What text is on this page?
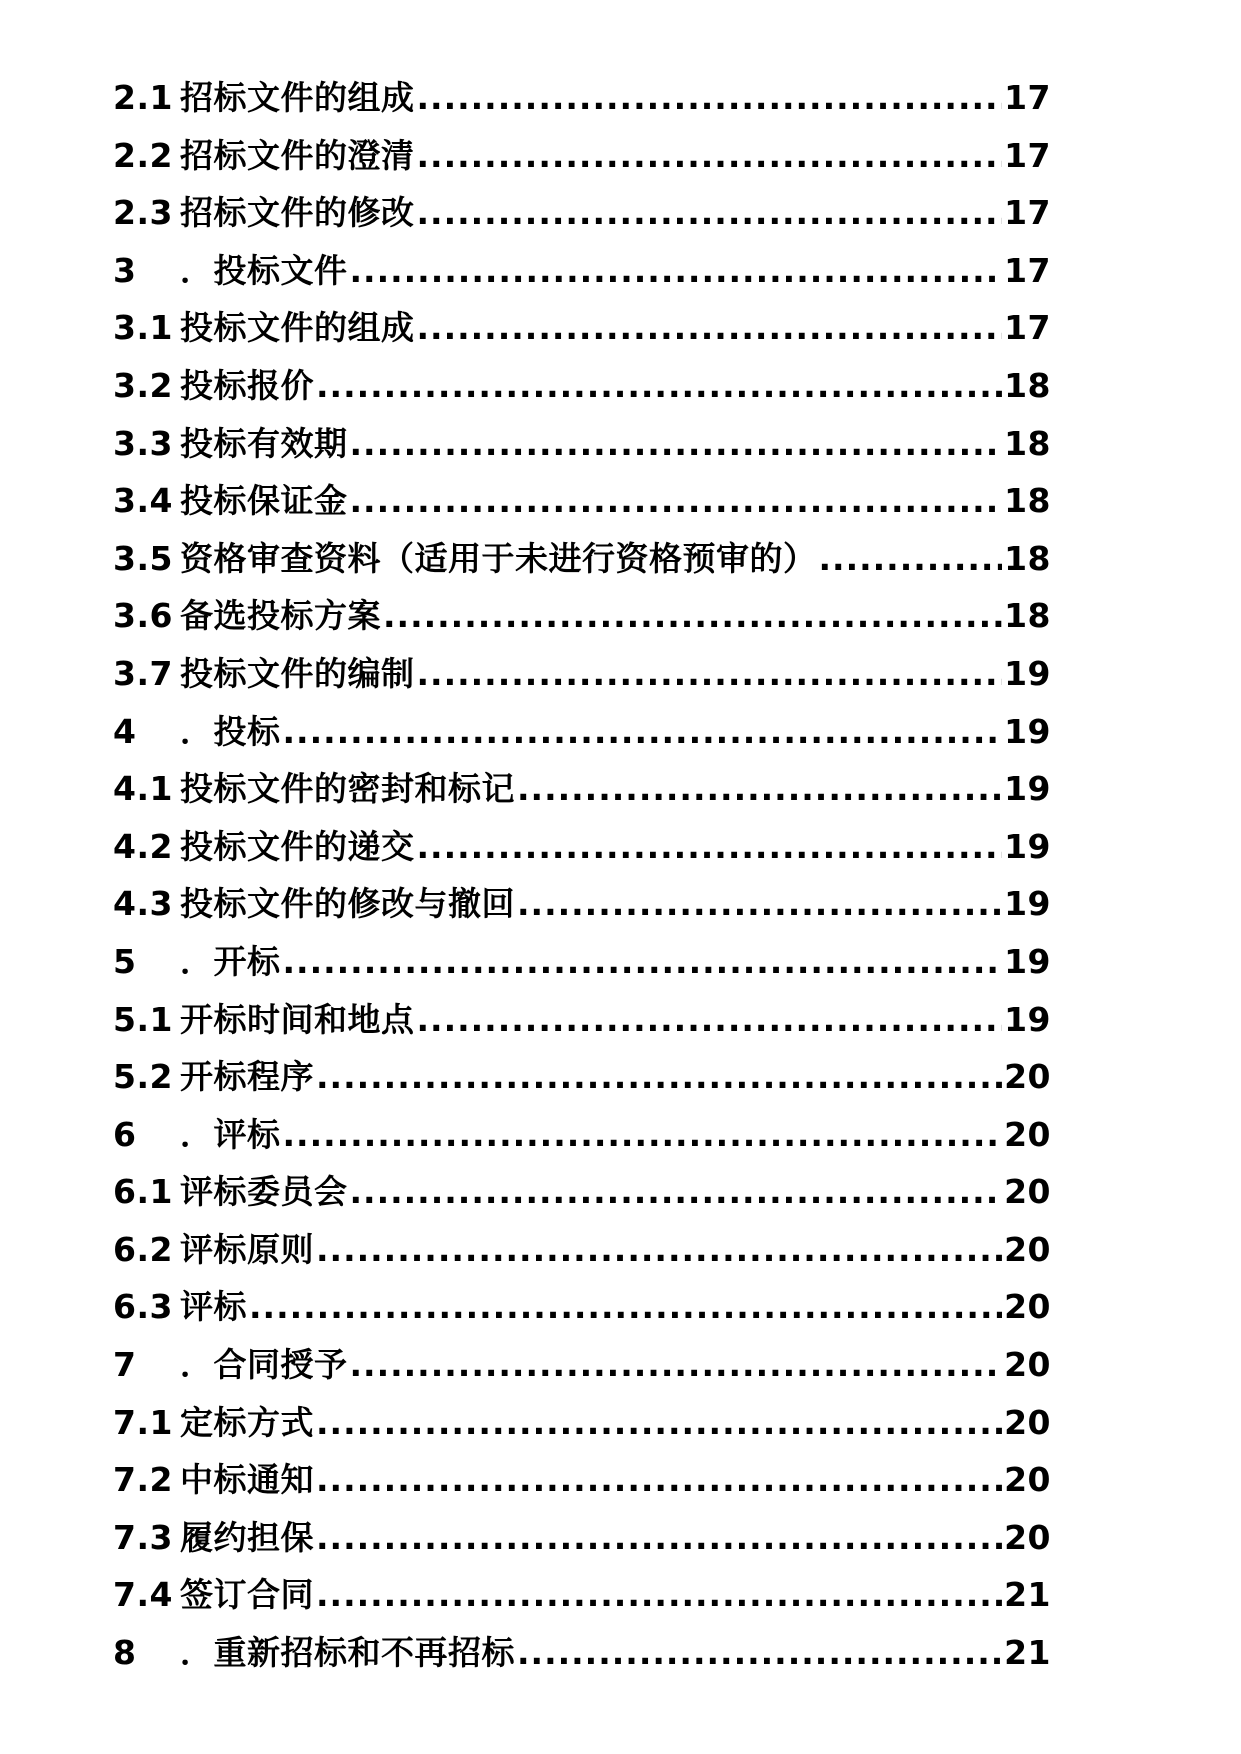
2.1 招标文件的组成 .....	17
2.2 招标文件的澄清 .....	17
2.3 招标文件的修改 .....	17
3	．投标文件 .....	17
3.1 投标文件的组成 .....	17
3.2 投标报价 .....	18
3.3 投标有效期 .....	18
3.4 投标保证金 .....	18
3.5 资格审查资料（适用于未进行资格预审的） .....	18
3.6 备选投标方案 .....	18
3.7 投标文件的编制 .....	19
4	．投标 .....	19
4.1 投标文件的密封和标记 .....	19
4.2 投标文件的递交 .....	19
4.3 投标文件的修改与撤回 .....	19
5	．开标 .....	19
5.1 开标时间和地点 .....	19
5.2 开标程序 .....	20
6	．评标 .....	20
6.1 评标委员会 .....	20
6.2 评标原则 .....	20
6.3 评标 .....	20
7	．合同授予 .....	20
7.1 定标方式 .....	20
7.2 中标通知 .....	20
7.3 履约担保 .....	20
7.4 签订合同 .....	21
8	．重新招标和不再招标 .....	21
